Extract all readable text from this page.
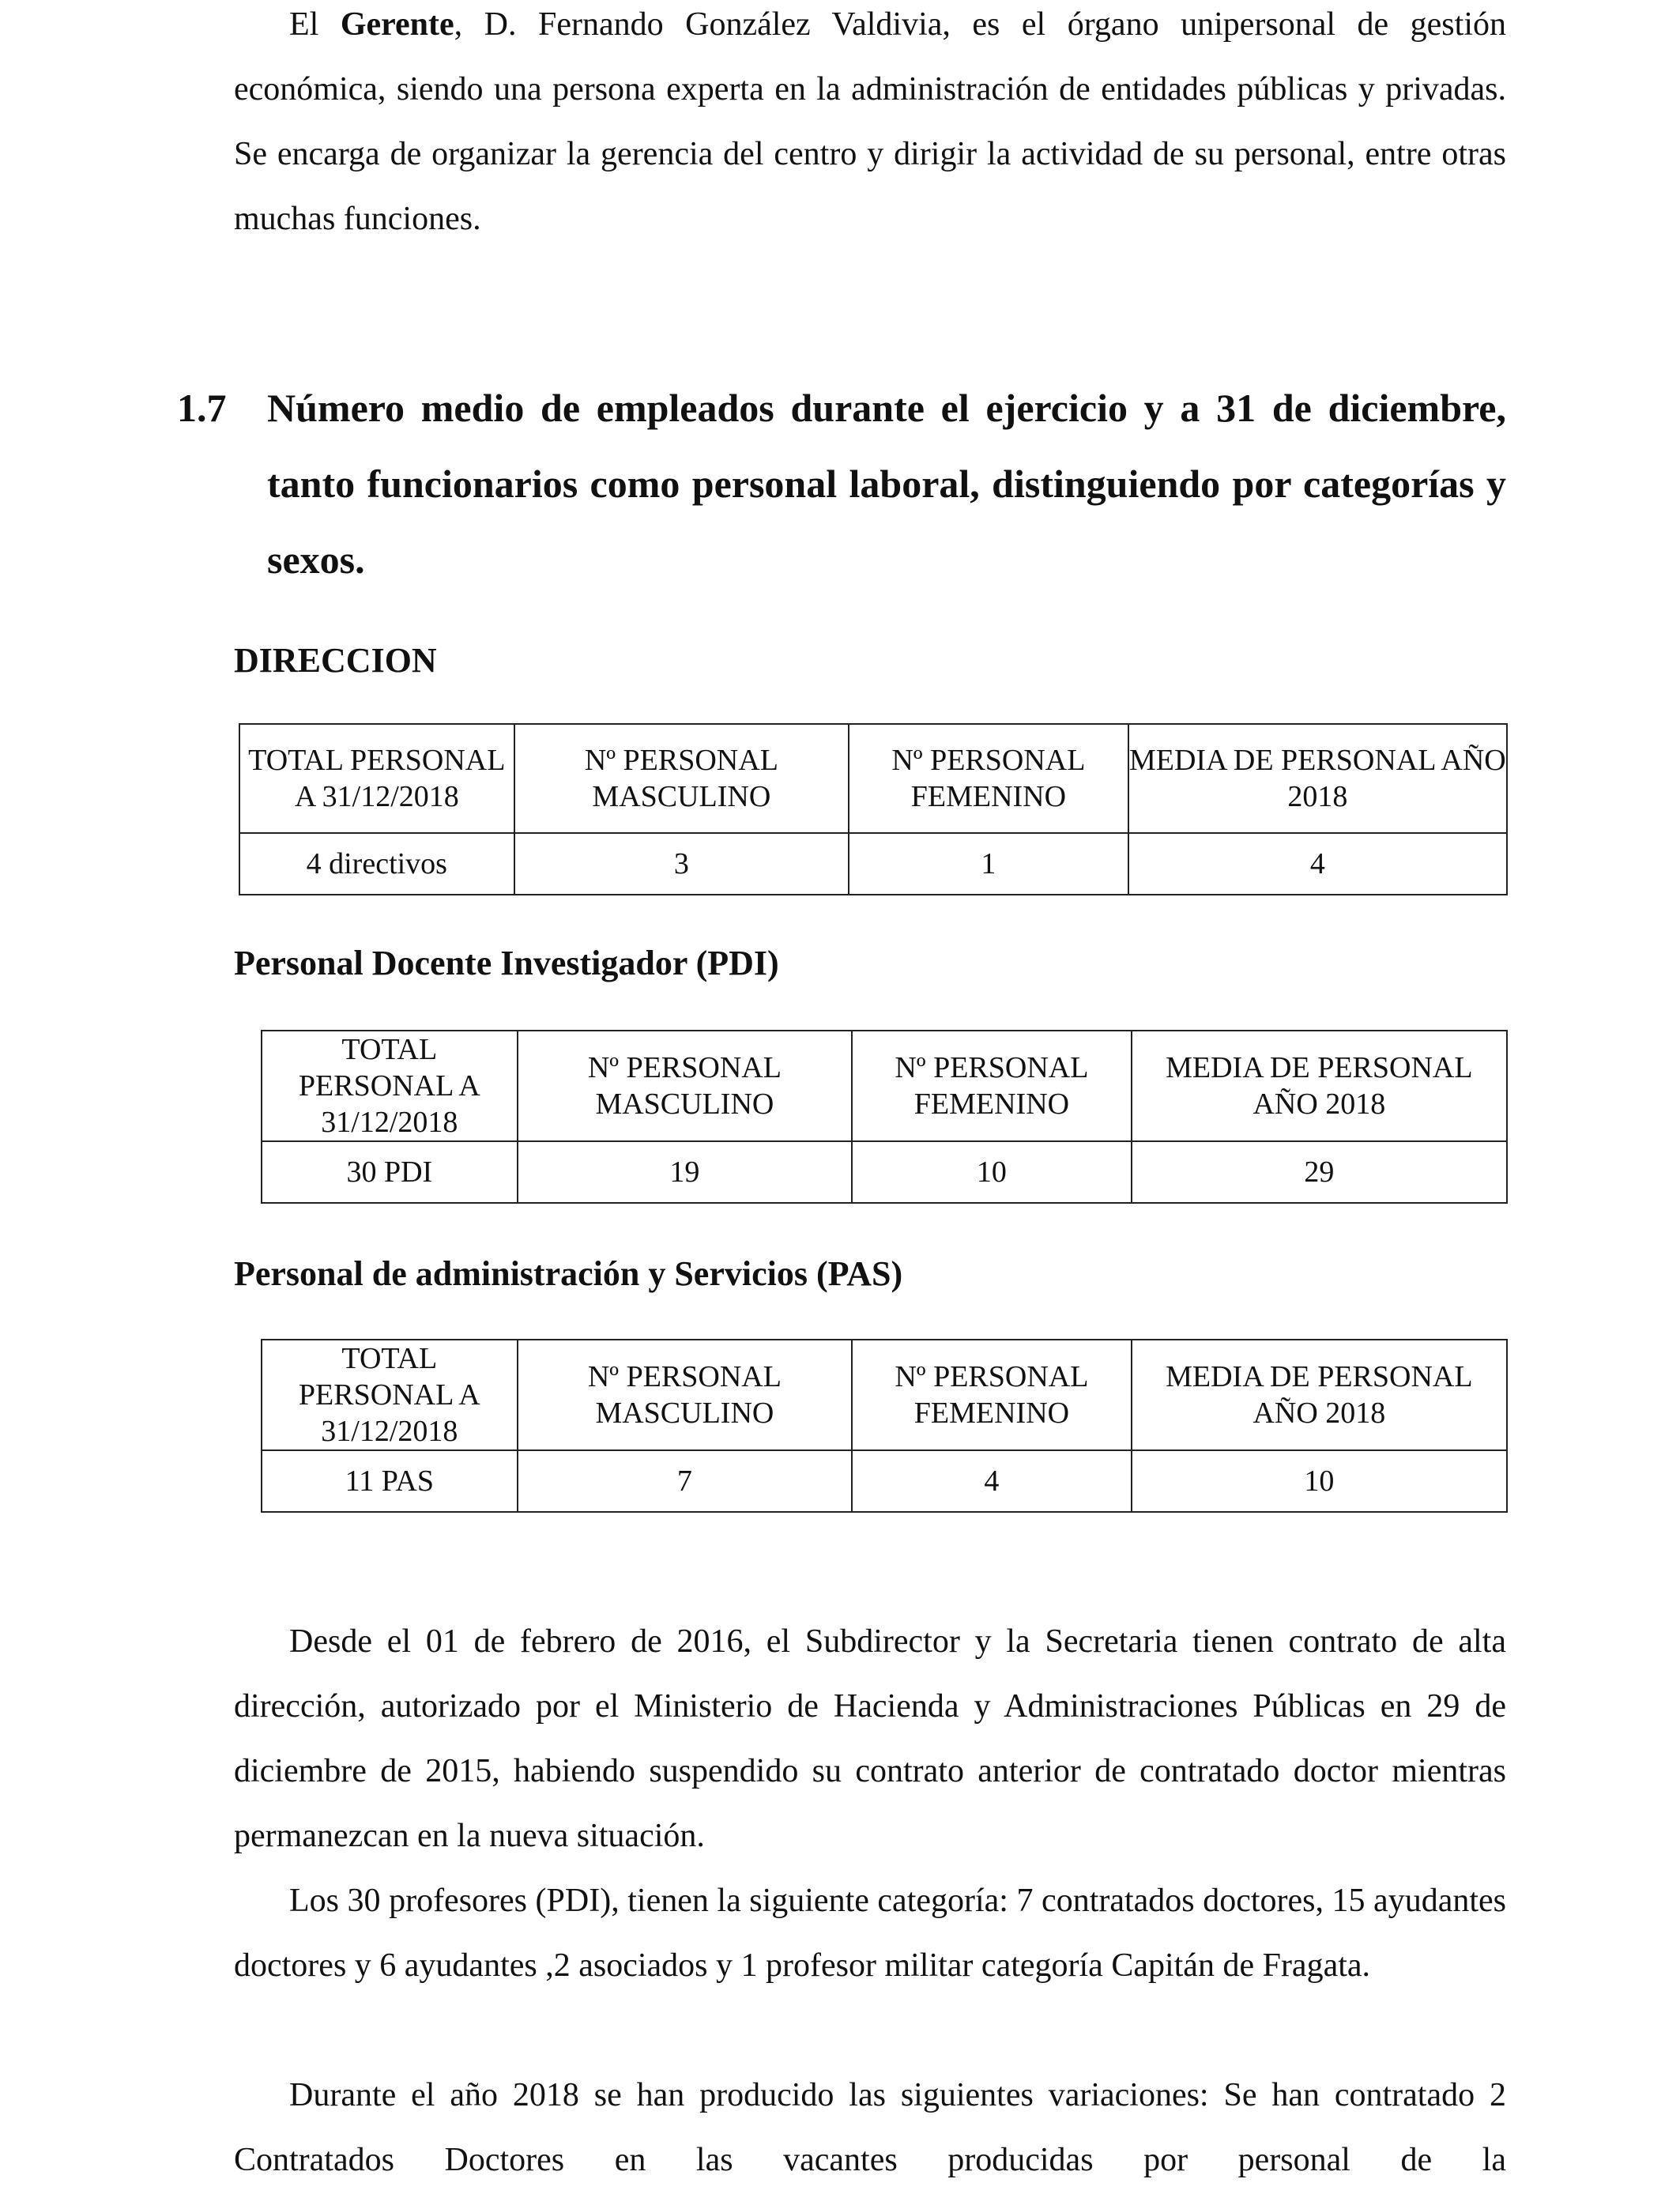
El Gerente, D. Fernando González Valdivia, es el órgano unipersonal de gestión económica, siendo una persona experta en la administración de entidades públicas y privadas. Se encarga de organizar la gerencia del centro y dirigir la actividad de su personal, entre otras muchas funciones.

1.7	Número medio de empleados durante el ejercicio y a 31 de diciembre, tanto funcionarios como personal laboral, distinguiendo por categorías y sexos.
DIRECCION
TOTAL PERSONAL A 31/12/2018	Nº PERSONAL MASCULINO	Nº PERSONAL FEMENINO	MEDIA DE PERSONAL AÑO 2018
4 directivos	3	1	4
Personal Docente Investigador (PDI)
TOTAL PERSONAL A 31/12/2018	Nº PERSONAL MASCULINO	Nº PERSONAL FEMENINO	MEDIA DE PERSONAL AÑO 2018
30 PDI	19	10	29
Personal de administración y Servicios (PAS)
TOTAL PERSONAL A 31/12/2018	Nº PERSONAL MASCULINO	Nº PERSONAL FEMENINO	MEDIA DE PERSONAL AÑO 2018
11 PAS	7	4	10

Desde el 01 de febrero de 2016, el Subdirector y la Secretaria tienen contrato de alta dirección, autorizado por el Ministerio de Hacienda y Administraciones Públicas en 29 de diciembre de 2015, habiendo suspendido su contrato anterior de contratado doctor mientras permanezcan en la nueva situación.

Los 30 profesores (PDI), tienen la siguiente categoría: 7 contratados doctores, 15 ayudantes doctores y 6 ayudantes ,2 asociados y 1 profesor militar categoría Capitán de Fragata.

Durante el año 2018 se han producido las siguientes variaciones: Se han contratado 2 Contratados Doctores en las vacantes producidas por personal de la
